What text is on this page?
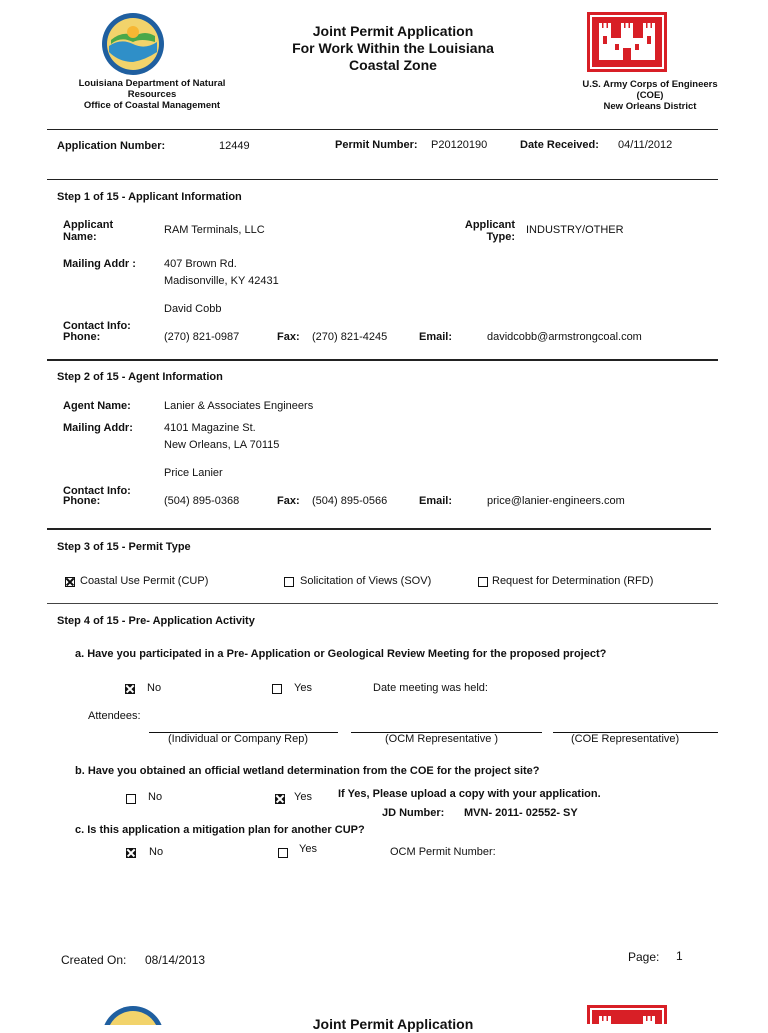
Joint Permit Application
For Work Within the Louisiana
Coastal Zone
Louisiana Department of Natural
Resources
Office of Coastal Management
U.S. Army Corps of Engineers
(COE)
New Orleans District
Application Number:	12449	Permit Number: P20120190	Date Received: 04/11/2012
Step 1 of 15 - Applicant Information
Applicant
Name:
RAM Terminals, LLC	Applicant
Type:
INDUSTRY/OTHER
Mailing Addr :	407 Brown Rd.
Madisonville, KY 42431
David Cobb
Contact Info:
Phone:	(270) 821-0987	Fax: (270) 821-4245	Email:	davidcobb@armstrongcoal.com
Step 2 of 15 - Agent Information
Agent Name:	Lanier & Associates Engineers
Mailing Addr:	4101 Magazine St.
New Orleans, LA 70115
Price Lanier
Contact Info:
Phone:	(504) 895-0368	Fax: (504) 895-0566	Email:	price@lanier-engineers.com
Step 3 of 15 - Permit Type
Coastal Use Permit (CUP)	Solicitation of Views (SOV)	Request for Determination (RFD)
Step 4 of 15 - Pre- Application Activity
a. Have you participated in a Pre- Application or Geological Review Meeting for the proposed project?
No	Yes	Date meeting was held:
Attendees:
(Individual or Company Rep)	(OCM Representative )	(COE Representative)
b. Have you obtained an official wetland determination from the COE for the project site?
No	Yes If Yes, Please upload a copy with your application.
JD Number: MVN- 2011- 02552- SY
c. Is this application a mitigation plan for another CUP?
No	Yes	OCM Permit Number:
Created On: 08/14/2013	Page: 1
Joint Permit Application
